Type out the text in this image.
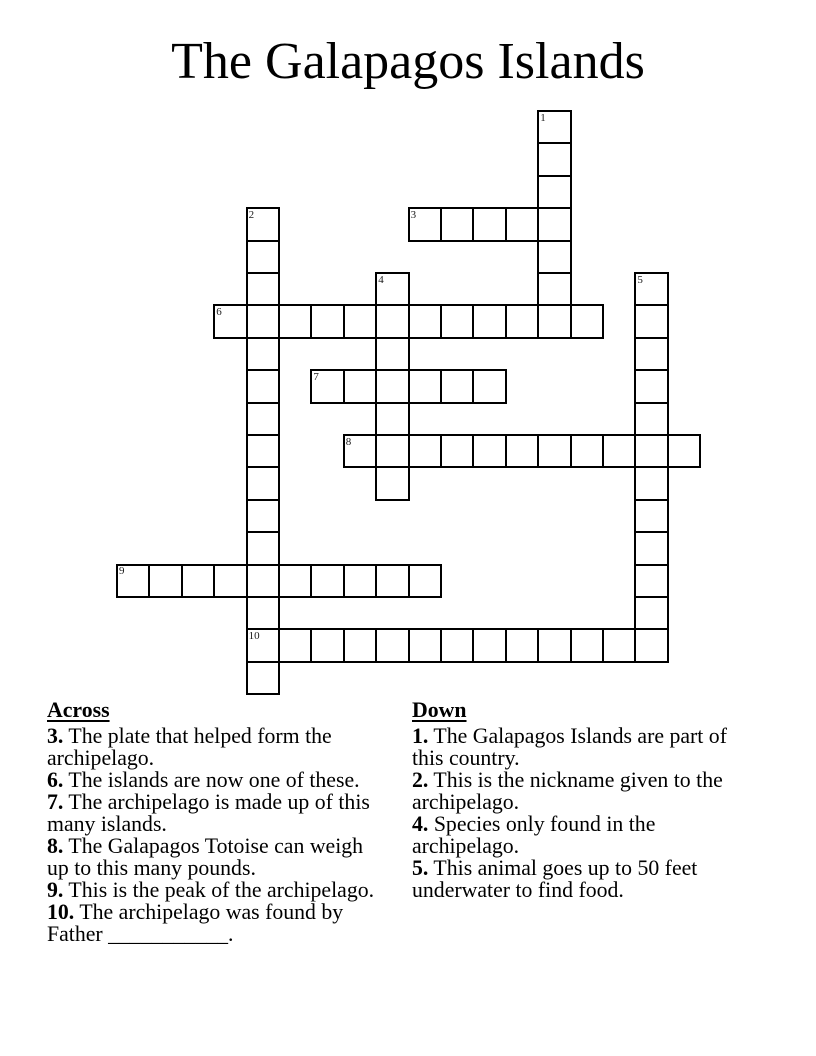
The Galapagos Islands
1
2	3
4	5
6
7
8
9
10
Across
3. The plate that helped form the archipelago.
6. The islands are now one of these.
7. The archipelago is made up of this many islands.
8. The Galapagos Totoise can weigh up to this many pounds.
9. This is the peak of the archipelago.
10. The archipelago was found by Father ___________.
Down
1. The Galapagos Islands are part of this country.
2. This is the nickname given to the archipelago.
4. Species only found in the archipelago.
5. This animal goes up to 50 feet underwater to find food.
